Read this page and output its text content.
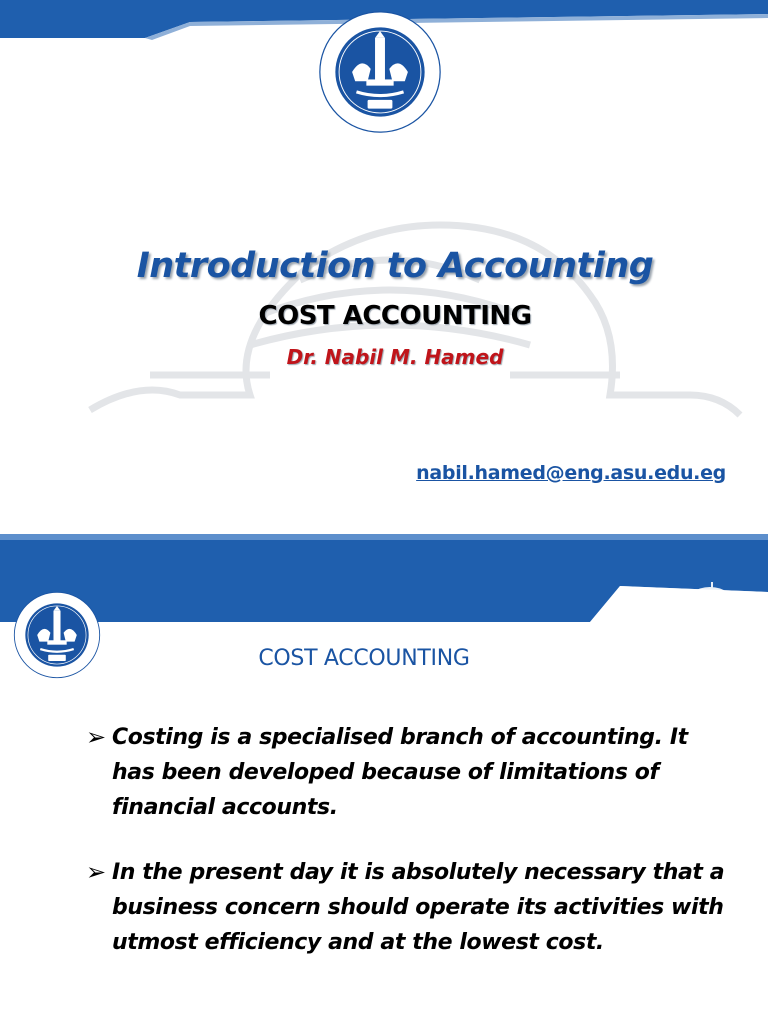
Introduction to Accounting
COST ACCOUNTING
Dr. Nabil M. Hamed
nabil.hamed@eng.asu.edu.eg
COST ACCOUNTING
➢ Costing is a specialised branch of accounting. It has been developed because of limitations of financial accounts.
➢ In the present day it is absolutely necessary that a business concern should operate its activities with utmost efficiency and at the lowest cost.
